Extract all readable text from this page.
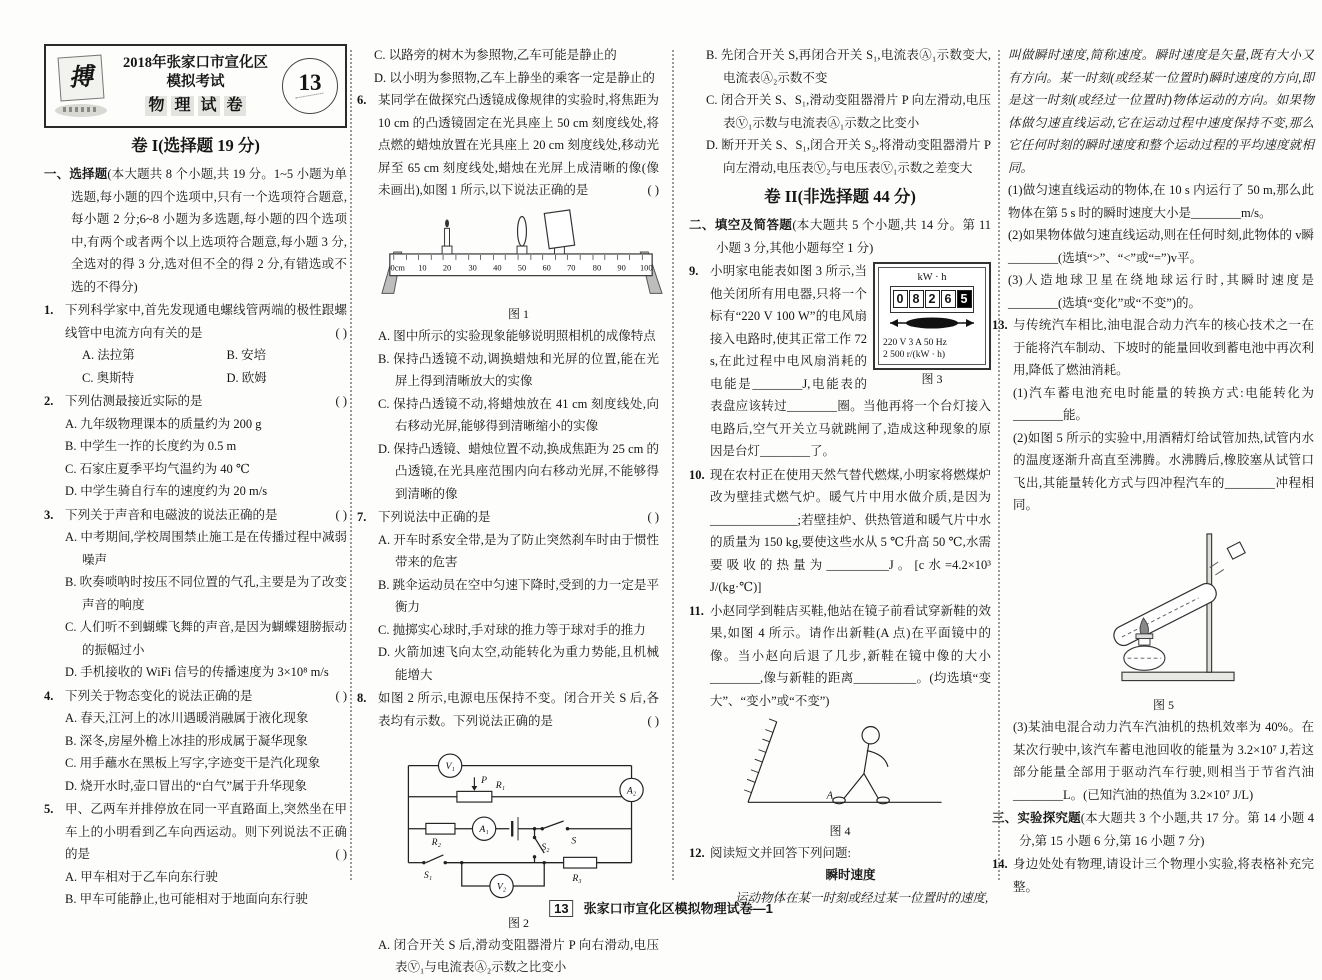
搏
2018年张家口市宣化区
模拟考试
物 理 试 卷
13
卷 I(选择题 19 分)
一、选择题(本大题共 8 个小题,共 19 分。1~5 小题为单选题,每小题的四个选项中,只有一个选项符合题意,每小题 2 分;6~8 小题为多选题,每小题的四个选项中,有两个或者两个以上选项符合题意,每小题 3 分,全选对的得 3 分,选对但不全的得 2 分,有错选或不选的不得分)
1. 下列科学家中,首先发现通电螺线管两端的极性跟螺线管中电流方向有关的是	( )
A. 法拉第	B. 安培
C. 奥斯特	D. 欧姆
2. 下列估测最接近实际的是	( )
A. 九年级物理课本的质量约为 200 g
B. 中学生一拃的长度约为 0.5 m
C. 石家庄夏季平均气温约为 40 ℃
D. 中学生骑自行车的速度约为 20 m/s
3. 下列关于声音和电磁波的说法正确的是	( )
A. 中考期间,学校周围禁止施工是在传播过程中减弱噪声
B. 吹奏唢呐时按压不同位置的气孔,主要是为了改变声音的响度
C. 人们听不到蝴蝶飞舞的声音,是因为蝴蝶翅膀振动的振幅过小
D. 手机接收的 WiFi 信号的传播速度为 3×10⁸ m/s
4. 下列关于物态变化的说法正确的是	( )
A. 春天,江河上的冰川遇暖消融属于液化现象
B. 深冬,房屋外檐上冰挂的形成属于凝华现象
C. 用手蘸水在黑板上写字,字迹变干是汽化现象
D. 烧开水时,壶口冒出的“白气”属于升华现象
5. 甲、乙两车并排停放在同一平直路面上,突然坐在甲车上的小明看到乙车向西运动。则下列说法不正确的是	( )
A. 甲车相对于乙车向东行驶
B. 甲车可能静止,也可能相对于地面向东行驶
C. 以路旁的树木为参照物,乙车可能是静止的
D. 以小明为参照物,乙车上静坐的乘客一定是静止的
6. 某同学在做探究凸透镜成像规律的实验时,将焦距为 10 cm 的凸透镜固定在光具座上 50 cm 刻度线处,将点燃的蜡烛放置在光具座上 20 cm 刻度线处,移动光屏至 65 cm 刻度线处,蜡烛在光屏上成清晰的像(像未画出),如图 1 所示,以下说法正确的是	( )
0cm 10 20 30 40 50 60 70 80 90 100
图 1
A. 图中所示的实验现象能够说明照相机的成像特点
B. 保持凸透镜不动,调换蜡烛和光屏的位置,能在光屏上得到清晰放大的实像
C. 保持凸透镜不动,将蜡烛放在 41 cm 刻度线处,向右移动光屏,能够得到清晰缩小的实像
D. 保持凸透镜、蜡烛位置不动,换成焦距为 25 cm 的凸透镜,在光具座范围内向右移动光屏,不能够得到清晰的像
7. 下列说法中正确的是	( )
A. 开车时系安全带,是为了防止突然刹车时由于惯性带来的危害
B. 跳伞运动员在空中匀速下降时,受到的力一定是平衡力
C. 抛掷实心球时,手对球的推力等于球对手的推力
D. 火箭加速飞向太空,动能转化为重力势能,且机械能增大
8. 如图 2 所示,电源电压保持不变。闭合开关 S 后,各表均有示数。下列说法正确的是	( )
V₁
A₂
A₁
V₂
P R₁
R₂	S
S₂
S₁	R₃
图 2
A. 闭合开关 S 后,滑动变阻器滑片 P 向右滑动,电压表Ⓥ₁与电流表Ⓐ₂示数之比变小
B. 先闭合开关 S,再闭合开关 S₁,电流表Ⓐ₁示数变大,电流表Ⓐ₂示数不变
C. 闭合开关 S、S₁,滑动变阻器滑片 P 向左滑动,电压表Ⓥ₁示数与电流表Ⓐ₁示数之比变小
D. 断开开关 S、S₁,闭合开关 S₂,将滑动变阻器滑片 P 向左滑动,电压表Ⓥ₂与电压表Ⓥ₁示数之差变大
卷 II(非选择题 44 分)
二、填空及简答题(本大题共 5 个小题,共 14 分。第 11 小题 3 分,其他小题每空 1 分)
9.	kW · h
0 8 2 6 5
220 V 3 A 50 Hz
2 500 r/(kW · h)
图 3
小明家电能表如图 3 所示,当他关闭所有用电器,只将一个标有“220 V 100 W”的电风扇接入电路时,使其正常工作 72 s,在此过程中电风扇消耗的电能是________J,电能表的表盘应该转过________圈。当他再将一个台灯接入电路后,空气开关立马就跳闸了,造成这种现象的原因是台灯________了。
10. 现在农村正在使用天然气替代燃煤,小明家将燃煤炉改为壁挂式燃气炉。暖气片中用水做介质,是因为______________;若壁挂炉、供热管道和暖气片中水的质量为 150 kg,要使这些水从 5 ℃升高 50 ℃,水需要吸收的热量为__________J。[c水=4.2×10³ J/(kg·℃)]
11. 小赵同学到鞋店买鞋,他站在镜子前看试穿新鞋的效果,如图 4 所示。请作出新鞋(A 点)在平面镜中的像。当小赵向后退了几步,新鞋在镜中像的大小________,像与新鞋的距离__________。(均选填“变大”、“变小”或“不变”)
A
图 4
12. 阅读短文并回答下列问题:
瞬时速度
运动物体在某一时刻或经过某一位置时的速度,
叫做瞬时速度,简称速度。瞬时速度是矢量,既有大小又有方向。某一时刻(或经某一位置时)瞬时速度的方向,即是这一时刻(或经过一位置时)物体运动的方向。如果物体做匀速直线运动,它在运动过程中速度保持不变,那么它任何时刻的瞬时速度和整个运动过程的平均速度就相同。
(1)做匀速直线运动的物体,在 10 s 内运行了 50 m,那么此物体在第 5 s 时的瞬时速度大小是________m/s。
(2)如果物体做匀速直线运动,则在任何时刻,此物体的 v瞬________(选填“>”、“<”或“=”)v平。
(3)人造地球卫星在绕地球运行时,其瞬时速度是________(选填“变化”或“不变”)的。
13. 与传统汽车相比,油电混合动力汽车的核心技术之一在于能将汽车制动、下坡时的能量回收到蓄电池中再次利用,降低了燃油消耗。
(1)汽车蓄电池充电时能量的转换方式:电能转化为________能。
(2)如图 5 所示的实验中,用酒精灯给试管加热,试管内水的温度逐渐升高直至沸腾。水沸腾后,橡胶塞从试管口飞出,其能量转化方式与四冲程汽车的________冲程相同。
图 5
(3)某油电混合动力汽车汽油机的热机效率为 40%。在某次行驶中,该汽车蓄电池回收的能量为 3.2×10⁷ J,若这部分能量全部用于驱动汽车行驶,则相当于节省汽油________L。(已知汽油的热值为 3.2×10⁷ J/L)
三、实验探究题(本大题共 3 个小题,共 17 分。第 14 小题 4 分,第 15 小题 6 分,第 16 小题 7 分)
14. 身边处处有物理,请设计三个物理小实验,将表格补充完整。
13 张家口市宣化区模拟物理试卷—1
